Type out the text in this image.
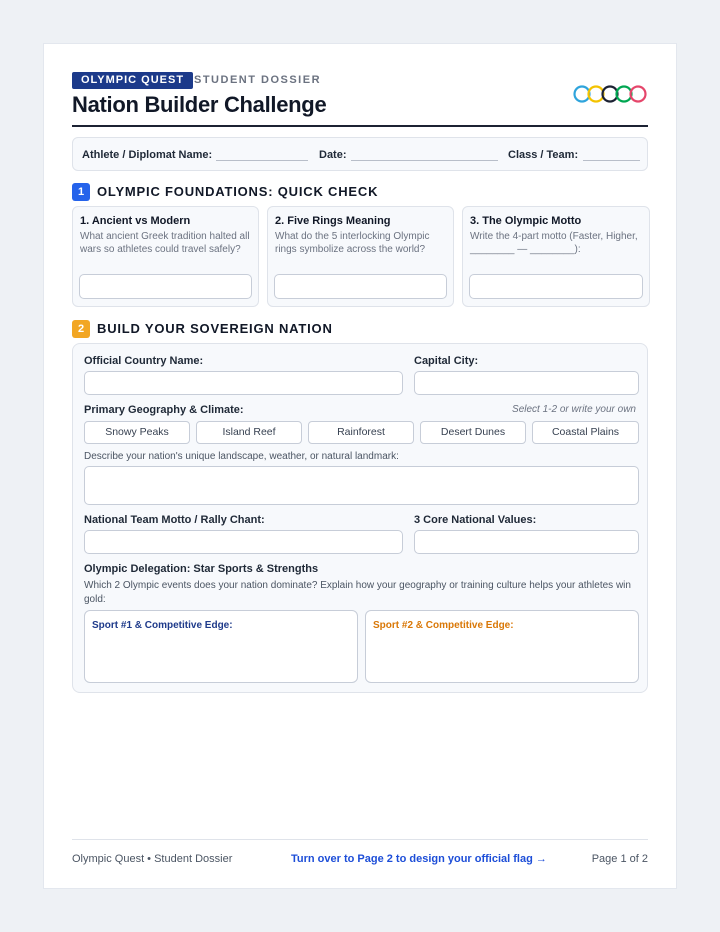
OLYMPIC QUEST STUDENT DOSSIER
Nation Builder Challenge
Athlete / Diplomat Name:	Date:	Class / Team:
1 OLYMPIC FOUNDATIONS: QUICK CHECK
1. Ancient vs Modern
What ancient Greek tradition halted all wars so athletes could travel safely?
2. Five Rings Meaning
What do the 5 interlocking Olympic rings symbolize across the world?
3. The Olympic Motto
Write the 4-part motto (Faster, Higher, ________ — ________):
2 BUILD YOUR SOVEREIGN NATION
Official Country Name:	Capital City:
Primary Geography & Climate:	Select 1-2 or write your own
Snowy Peaks	Island Reef	Rainforest	Desert Dunes	Coastal Plains
Describe your nation's unique landscape, weather, or natural landmark:
National Team Motto / Rally Chant:	3 Core National Values:
Olympic Delegation: Star Sports & Strengths
Which 2 Olympic events does your nation dominate? Explain how your geography or training culture helps your athletes win gold:
Sport #1 & Competitive Edge:	Sport #2 & Competitive Edge:
Olympic Quest • Student Dossier	Turn over to Page 2 to design your official flag →	Page 1 of 2
